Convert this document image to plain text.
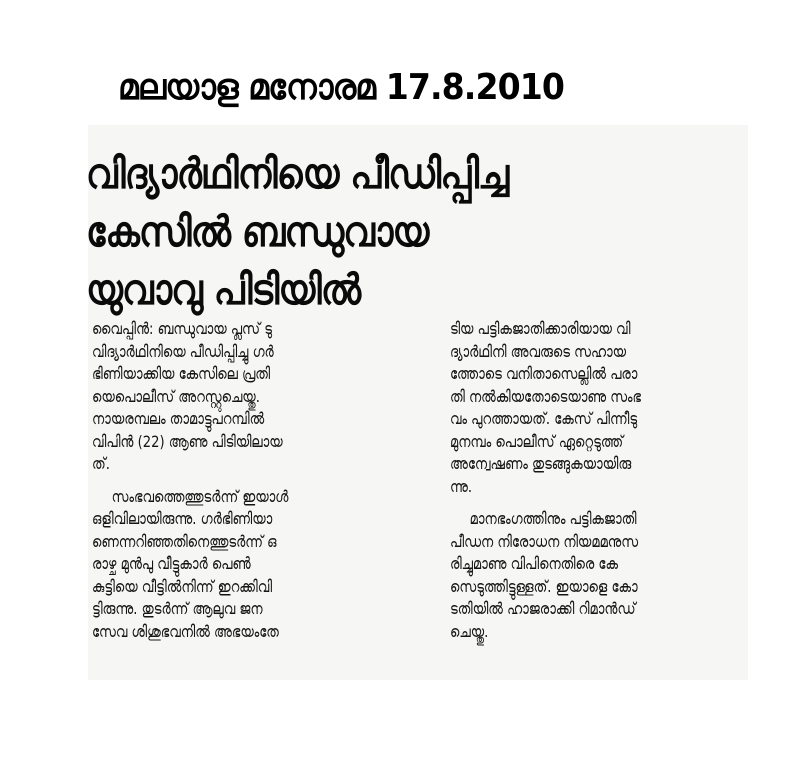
മലയാള മനോരമ 17.8.2010
വിദ്യാർഥിനിയെ പീഡിപ്പിച്ച
കേസിൽ ബന്ധുവായ
യുവാവു പിടിയിൽ
വൈപ്പിൻ: ബന്ധുവായ പ്ലസ് ടു
വിദ്യാർഥിനിയെ പീഡിപ്പിച്ചു ഗർ
ഭിണിയാക്കിയ കേസിലെ പ്രതി
യെപൊലീസ് അറസ്റ്റുചെയ്തു.
നായരമ്പലം താമാട്ടുപറമ്പിൽ
വിപിൻ (22) ആണു പിടിയിലായ
ത്.
സംഭവത്തെത്തുടർന്ന് ഇയാൾ
ഒളിവിലായിരുന്നു. ഗർഭിണിയാ
ണെന്നറിഞ്ഞതിനെത്തുടർന്ന് ഒ
രാഴ്ച മുൻപു വീട്ടുകാർ പെൺ
കുട്ടിയെ വീട്ടിൽനിന്ന് ഇറക്കിവി
ട്ടിരുന്നു. തുടർന്ന് ആലുവ ജന
സേവ ശിശുഭവനിൽ അഭയംതേ
ടിയ പട്ടികജാതിക്കാരിയായ വി
ദ്യാർഥിനി അവരുടെ സഹായ
ത്തോടെ വനിതാസെല്ലിൽ പരാ
തി നൽകിയതോടെയാണു സംഭ
വം പുറത്തായത്. കേസ് പിന്നീടു
മുനമ്പം പൊലീസ് ഏറ്റെടുത്ത്
അന്വേഷണം തുടങ്ങുകയായിരു
ന്നു.
മാനഭംഗത്തിനും പട്ടികജാതി
പീഡന നിരോധന നിയമമനുസ
രിച്ചുമാണു വിപിനെതിരെ കേ
സെടുത്തിട്ടുള്ളത്. ഇയാളെ കോ
ടതിയിൽ ഹാജരാക്കി റിമാൻഡ്
ചെയ്തു.
